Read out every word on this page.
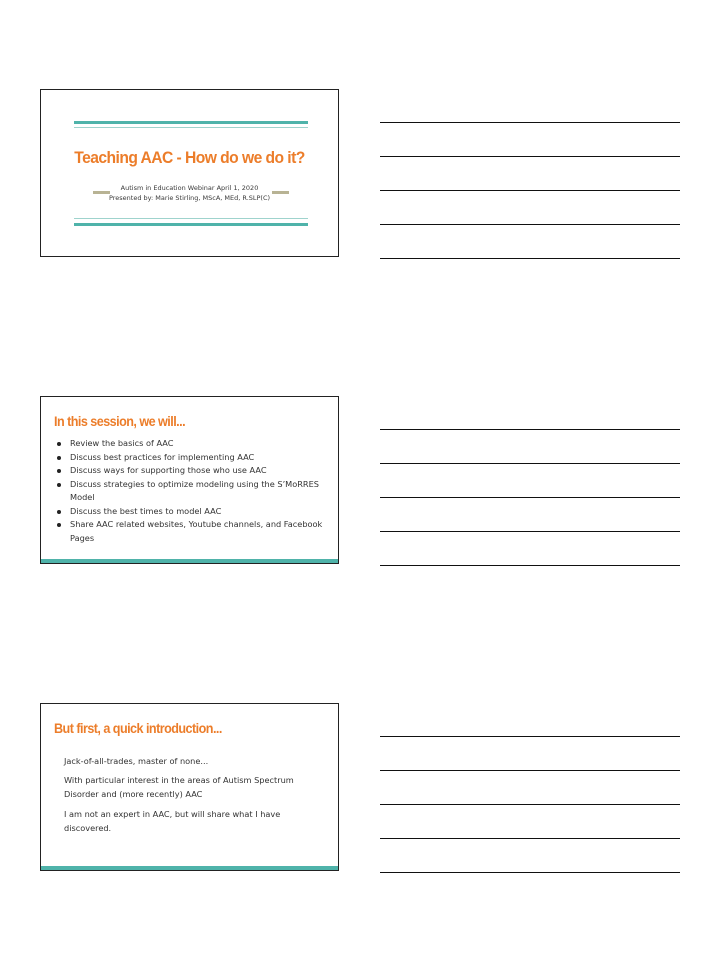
Teaching AAC - How do we do it?
Autism in Education Webinar April 1, 2020
Presented by: Marie Stirling, MScA, MEd, R.SLP(C)
In this session, we will...
Review the basics of AAC
Discuss best practices for implementing AAC
Discuss ways for supporting those who use AAC
Discuss strategies to optimize modeling using the S’MoRRES Model
Discuss the best times to model AAC
Share AAC related websites, Youtube channels, and Facebook Pages
But first, a quick introduction...

Jack-of-all-trades, master of none...

With particular interest in the areas of Autism Spectrum Disorder and (more recently) AAC

I am not an expert in AAC, but will share what I have discovered.
